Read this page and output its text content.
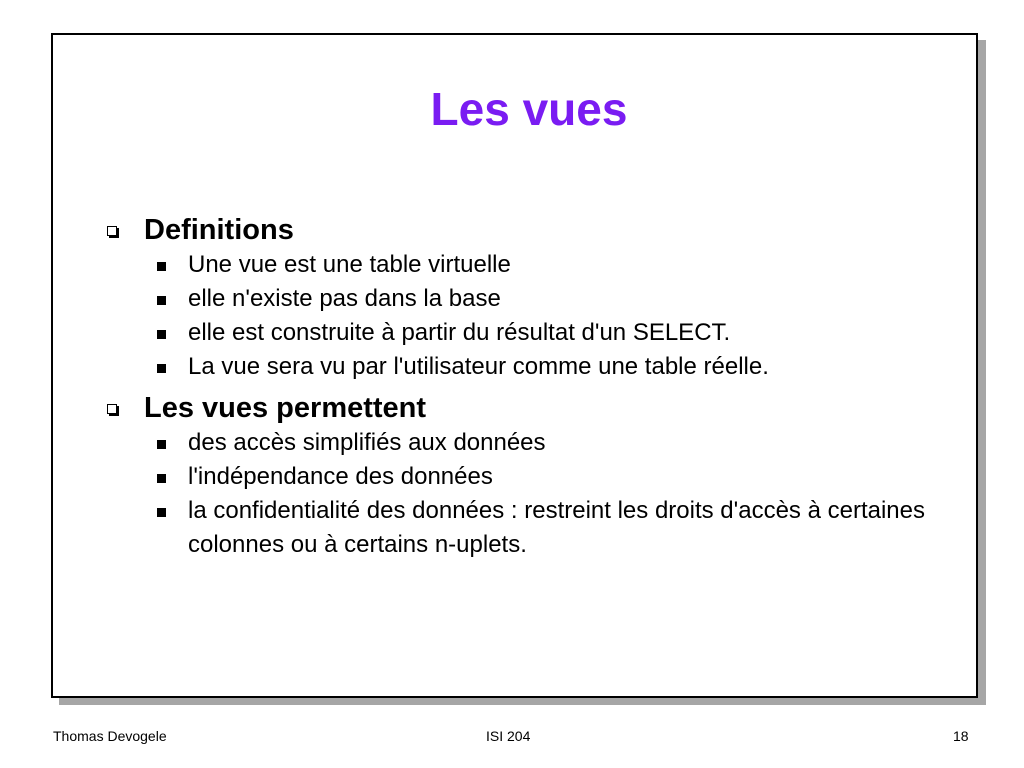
Les vues
Definitions
Une vue est une table virtuelle
elle n'existe pas dans la base
elle est construite à partir du résultat d'un SELECT.
La vue sera vu par l'utilisateur comme une table réelle.
Les vues permettent
des accès simplifiés aux données
l'indépendance des données
la confidentialité des données : restreint les droits d'accès à certaines colonnes ou à certains n-uplets.
Thomas Devogele	ISI 204	18
